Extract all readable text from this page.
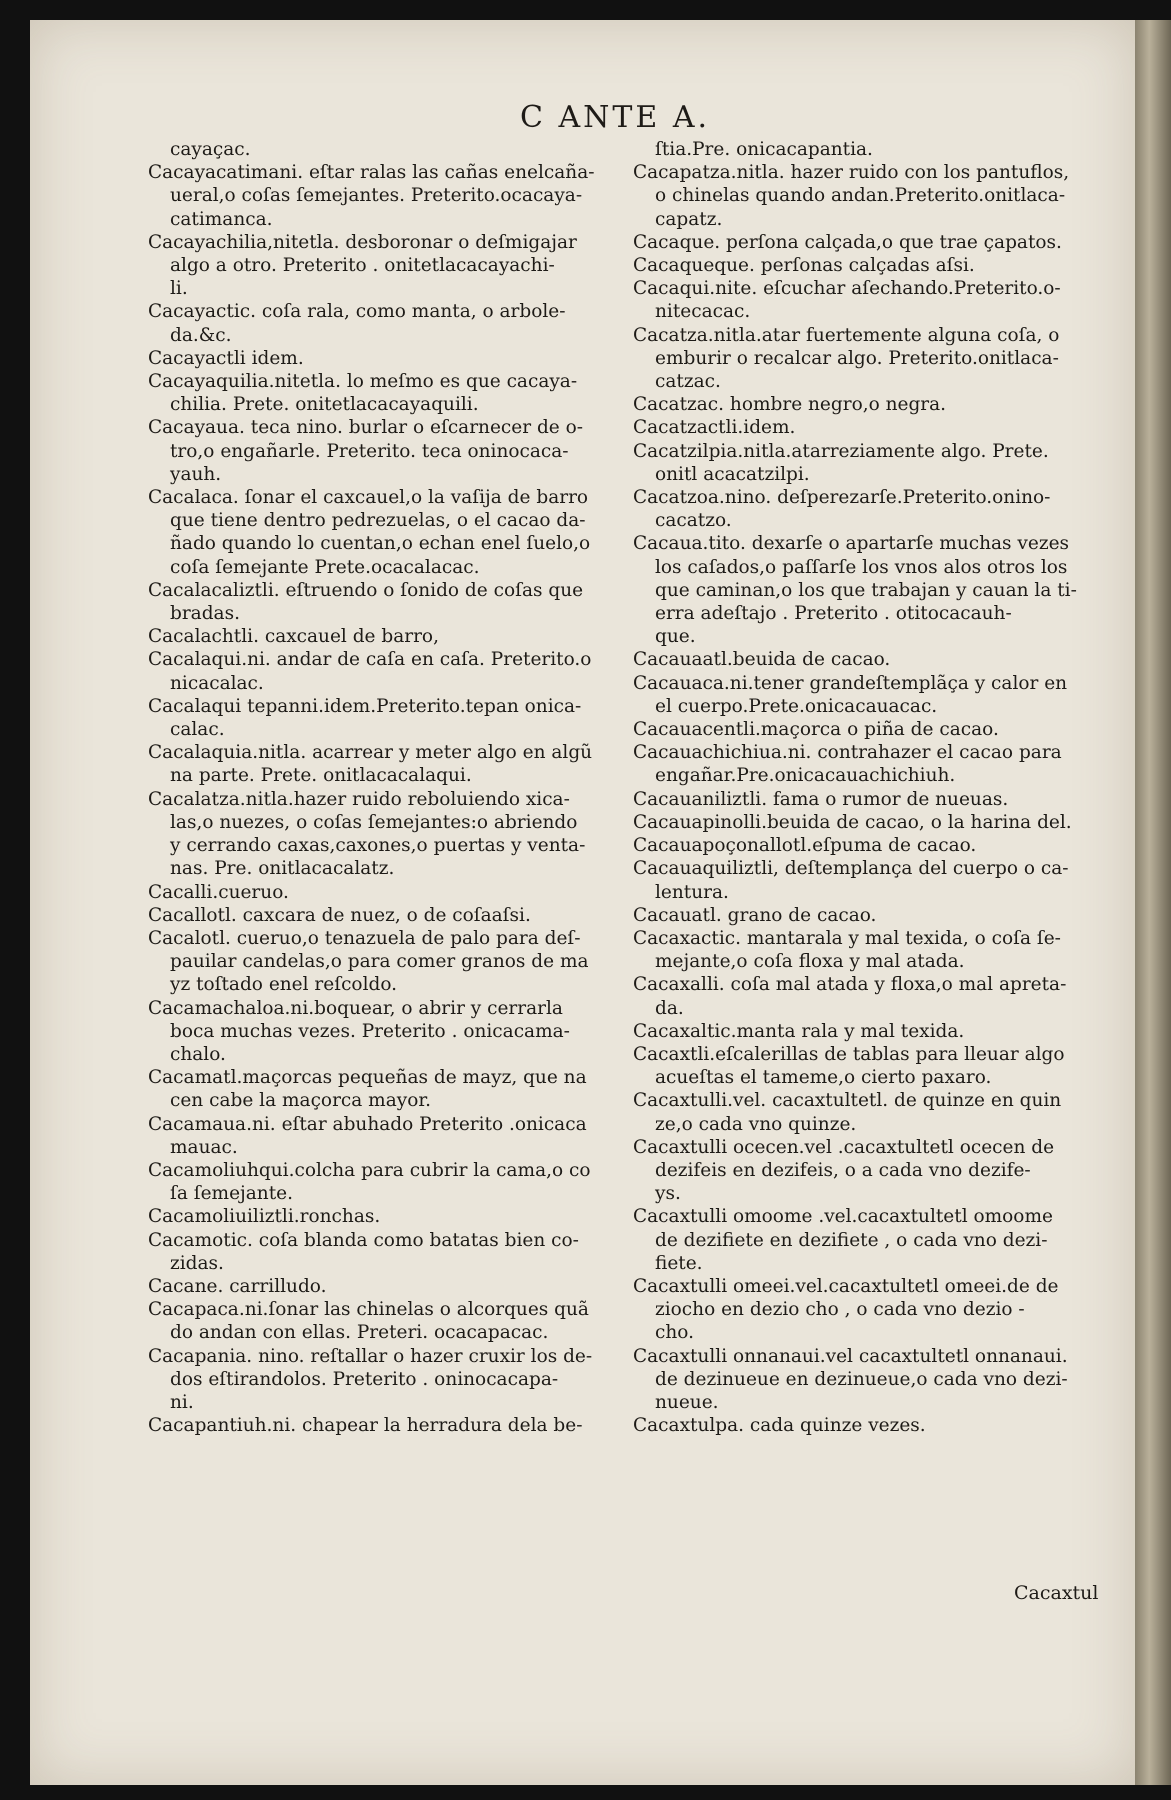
C ANTE A.
cayaçac.
Cacayacatimani. eſtar ralas las cañas enelcaña-
ueral,o coſas ſemejantes. Preterito.ocacaya-
catimanca.
Cacayachilia,nitetla. desboronar o deſmigajar
algo a otro. Preterito . onitetlacacayachi-
li.
Cacayactic. coſa rala, como manta, o arbole-
da.&c.
Cacayactli idem.
Cacayaquilia.nitetla. lo meſmo es que cacaya-
chilia. Prete. onitetlacacayaquili.
Cacayaua. teca nino. burlar o eſcarnecer de o-
tro,o engañarle. Preterito. teca oninocaca-
yauh.
Cacalaca. ſonar el caxcauel,o la vaſija de barro
que tiene dentro pedrezuelas, o el cacao da-
ñado quando lo cuentan,o echan enel ſuelo,o
coſa ſemejante Prete.ocacalacac.
Cacalacaliztli. eſtruendo o ſonido de coſas que
bradas.
Cacalachtli. caxcauel de barro,
Cacalaqui.ni. andar de caſa en caſa. Preterito.o
nicacalac.
Cacalaqui tepanni.idem.Preterito.tepan onica-
calac.
Cacalaquia.nitla. acarrear y meter algo en algũ
na parte. Prete. onitlacacalaqui.
Cacalatza.nitla.hazer ruido reboluiendo xica-
las,o nuezes, o coſas ſemejantes:o abriendo
y cerrando caxas,caxones,o puertas y venta-
nas. Pre. onitlacacalatz.
Cacalli.cueruo.
Cacallotl. caxcara de nuez, o de coſaaſsi.
Cacalotl. cueruo,o tenazuela de palo para deſ-
pauilar candelas,o para comer granos de ma
yz toſtado enel reſcoldo.
Cacamachaloa.ni.boquear, o abrir y cerrarla
boca muchas vezes. Preterito . onicacama-
chalo.
Cacamatl.maçorcas pequeñas de mayz, que na
cen cabe la maçorca mayor.
Cacamaua.ni. eſtar abuhado Preterito .onicaca
mauac.
Cacamoliuhqui.colcha para cubrir la cama,o co
ſa ſemejante.
Cacamoliuiliztli.ronchas.
Cacamotic. coſa blanda como batatas bien co-
zidas.
Cacane. carrilludo.
Cacapaca.ni.ſonar las chinelas o alcorques quã
do andan con ellas. Preteri. ocacapacac.
Cacapania. nino. reſtallar o hazer cruxir los de-
dos eſtirandolos. Preterito . oninocacapa-
ni.
Cacapantiuh.ni. chapear la herradura dela be-
ſtia.Pre. onicacapantia.
Cacapatza.nitla. hazer ruido con los pantuflos,
o chinelas quando andan.Preterito.onitlaca-
capatz.
Cacaque. perſona calçada,o que trae çapatos.
Cacaqueque. perſonas calçadas aſsi.
Cacaqui.nite. eſcuchar aſechando.Preterito.o-
nitecacac.
Cacatza.nitla.atar fuertemente alguna coſa, o
emburir o recalcar algo. Preterito.onitlaca-
catzac.
Cacatzac. hombre negro,o negra.
Cacatzactli.idem.
Cacatzilpia.nitla.atarreziamente algo. Prete.
onitl acacatzilpi.
Cacatzoa.nino. deſperezarſe.Preterito.onino-
cacatzo.
Cacaua.tito. dexarſe o apartarſe muchas vezes
los caſados,o paſſarſe los vnos alos otros los
que caminan,o los que trabajan y cauan la ti-
erra adeſtajo . Preterito . otitocacauh-
que.
Cacauaatl.beuida de cacao.
Cacauaca.ni.tener grandeſtemplãça y calor en
el cuerpo.Prete.onicacauacac.
Cacauacentli.maçorca o piña de cacao.
Cacauachichiua.ni. contrahazer el cacao para
engañar.Pre.onicacauachichiuh.
Cacauaniliztli. fama o rumor de nueuas.
Cacauapinolli.beuida de cacao, o la harina del.
Cacauapoçonallotl.eſpuma de cacao.
Cacauaquiliztli, deſtemplança del cuerpo o ca-
lentura.
Cacauatl. grano de cacao.
Cacaxactic. mantarala y mal texida, o coſa ſe-
mejante,o coſa floxa y mal atada.
Cacaxalli. coſa mal atada y floxa,o mal apreta-
da.
Cacaxaltic.manta rala y mal texida.
Cacaxtli.eſcalerillas de tablas para lleuar algo
acueſtas el tameme,o cierto paxaro.
Cacaxtulli.vel. cacaxtultetl. de quinze en quin
ze,o cada vno quinze.
Cacaxtulli ocecen.vel .cacaxtultetl ocecen de
dezifeis en dezifeis, o a cada vno dezife-
ys.
Cacaxtulli omoome .vel.cacaxtultetl omoome
de dezifiete en dezifiete , o cada vno dezi-
fiete.
Cacaxtulli omeei.vel.cacaxtultetl omeei.de de
ziocho en dezio cho , o cada vno dezio -
cho.
Cacaxtulli onnanaui.vel cacaxtultetl onnanaui.
de dezinueue en dezinueue,o cada vno dezi-
nueue.
Cacaxtulpa. cada quinze vezes.
Cacaxtul
